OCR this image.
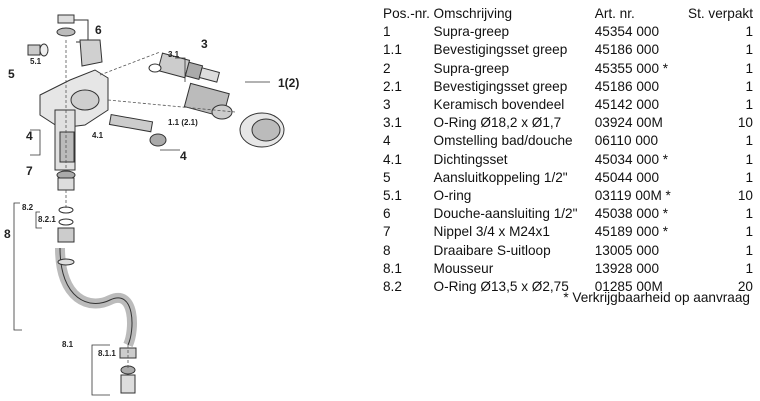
6
5
5.1
3
3.1
1(2)
1.1 (2.1)
4	4.1
4
7
8.2
8.2.1
8
8.1
8.1.1
Pos.-nr.	Omschrijving	Art. nr.	St. verpakt
1	Supra-greep	45354 000	1
1.1	Bevestigingsset greep	45186 000	1
2	Supra-greep	45355 000 *	1
2.1	Bevestigingsset greep	45186 000	1
3	Keramisch bovendeel	45142 000	1
3.1	O-Ring Ø18,2 x Ø1,7	03924 00M	10
4	Omstelling bad/douche	06110 000	1
4.1	Dichtingsset	45034 000 *	1
5	Aansluitkoppeling 1/2"	45044 000	1
5.1	O-ring	03119 00M *	10
6	Douche-aansluiting 1/2"	45038 000 *	1
7	Nippel 3/4 x M24x1	45189 000 *	1
8	Draaibare S-uitloop	13005 000	1
8.1	Mousseur	13928 000	1
8.2	O-Ring Ø13,5 x Ø2,75	01285 00M	20
* Verkrijgbaarheid op aanvraag
